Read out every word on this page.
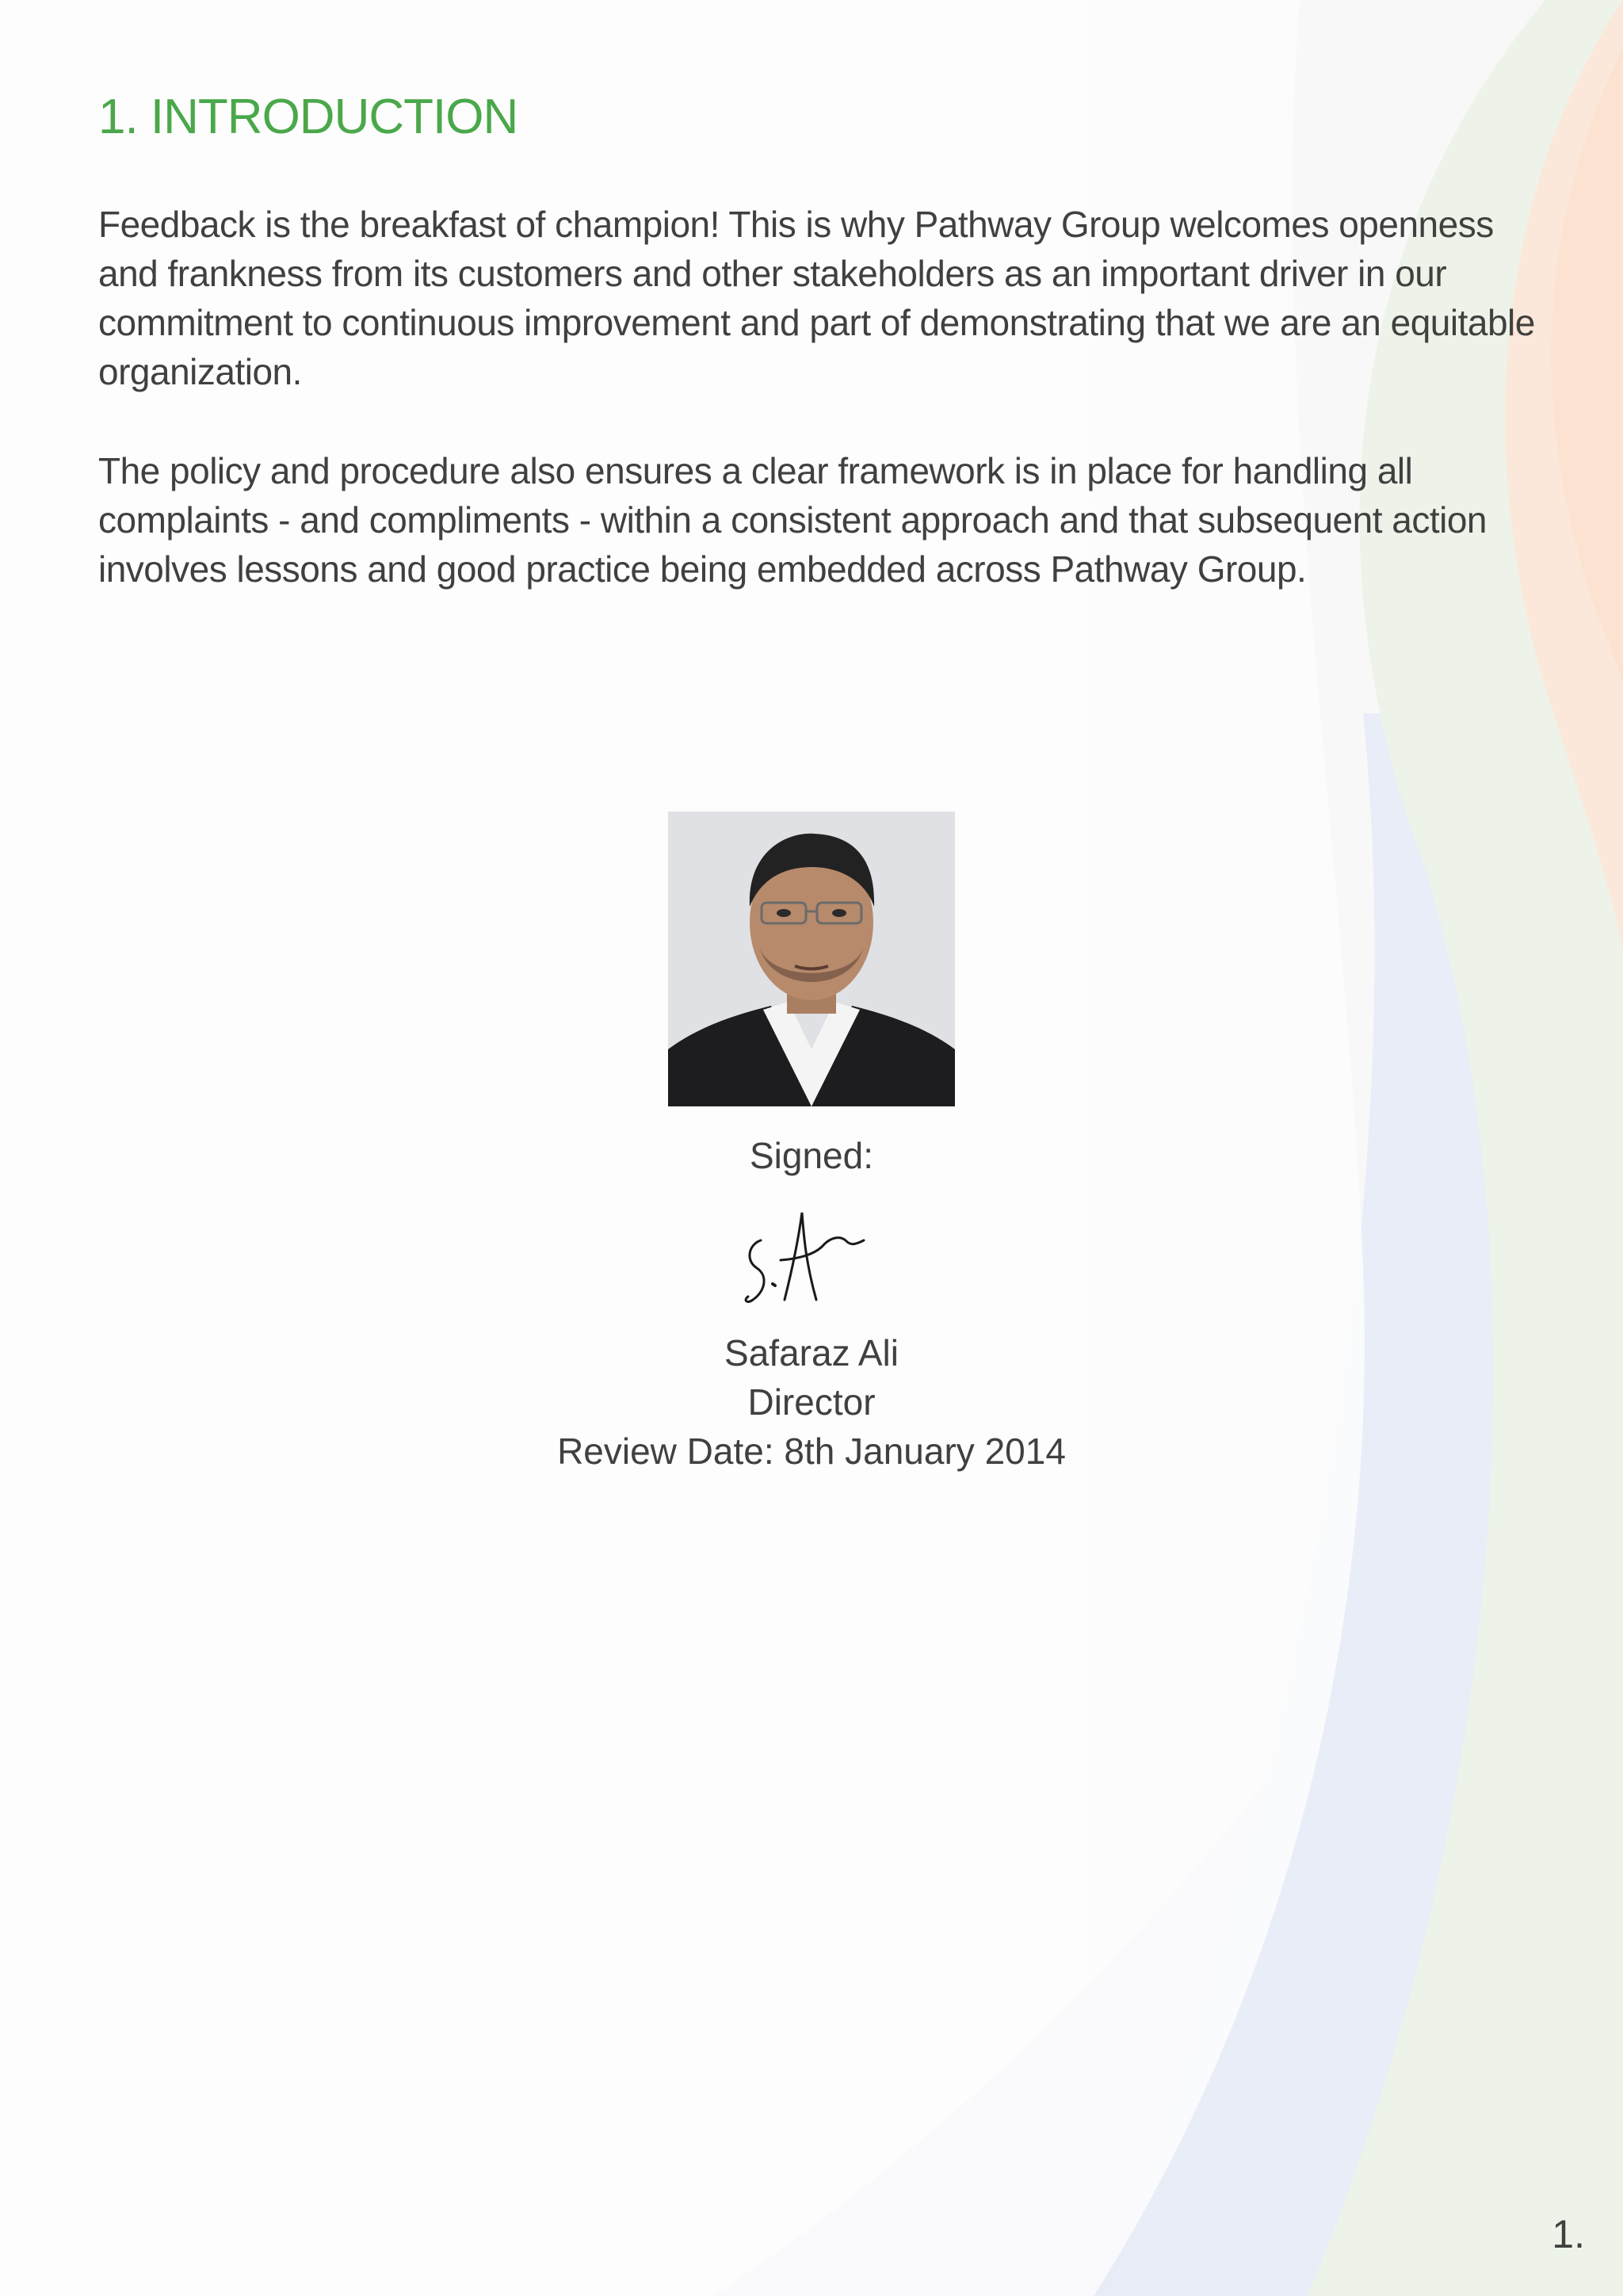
1. INTRODUCTION

Feedback is the breakfast of champion! This is why Pathway Group welcomes openness and frankness from its customers and other stakeholders as an important driver in our commitment to continuous improvement and part of demonstrating that we are an equitable organization.

The policy and procedure also ensures a clear framework is in place for handling all complaints - and compliments - within a consistent approach and that subsequent action involves lessons and good practice being embedded across Pathway Group.

Signed:

Safaraz Ali

Director

Review Date: 8th January 2014

1.
